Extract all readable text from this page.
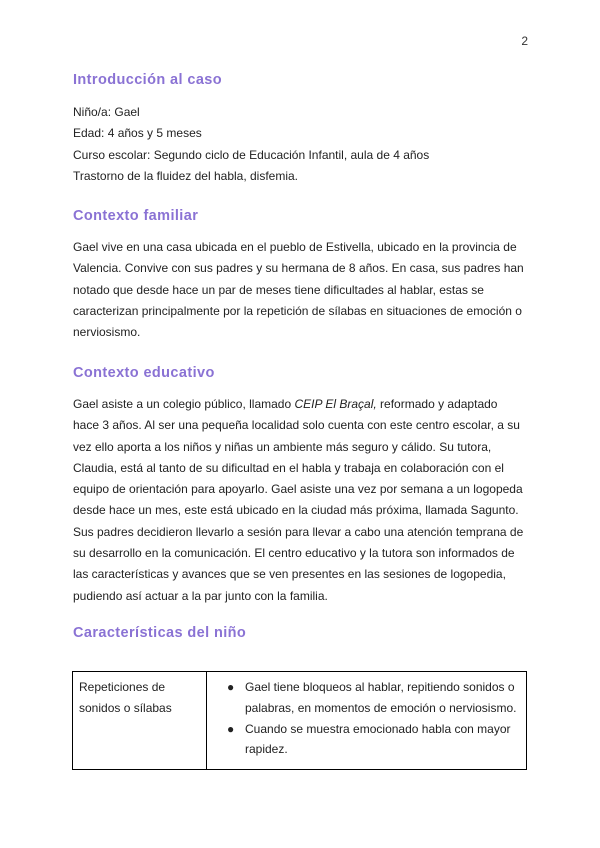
2
Introducción al caso
Niño/a: Gael
Edad: 4 años y 5 meses
Curso escolar: Segundo ciclo de Educación Infantil, aula de 4 años
Trastorno de la fluidez del habla, disfemia.
Contexto familiar

Gael vive en una casa ubicada en el pueblo de Estivella, ubicado en la provincia de
Valencia. Convive con sus padres y su hermana de 8 años. En casa, sus padres han
notado que desde hace un par de meses tiene dificultades al hablar, estas se
caracterizan principalmente por la repetición de sílabas en situaciones de emoción o
nerviosismo.

Contexto educativo

Gael asiste a un colegio público, llamado CEIP El Braçal, reformado y adaptado
hace 3 años. Al ser una pequeña localidad solo cuenta con este centro escolar, a su
vez ello aporta a los niños y niñas un ambiente más seguro y cálido. Su tutora,
Claudia, está al tanto de su dificultad en el habla y trabaja en colaboración con el
equipo de orientación para apoyarlo. Gael asiste una vez por semana a un logopeda
desde hace un mes, este está ubicado en la ciudad más próxima, llamada Sagunto.
Sus padres decidieron llevarlo a sesión para llevar a cabo una atención temprana de
su desarrollo en la comunicación. El centro educativo y la tutora son informados de
las características y avances que se ven presentes en las sesiones de logopedia,
pudiendo así actuar a la par junto con la familia.

Características del niño
Repeticiones de
sonidos o sílabas

● Gael tiene bloqueos al hablar, repitiendo sonidos o
palabras, en momentos de emoción o nerviosismo.
● Cuando se muestra emocionado habla con mayor
rapidez.
